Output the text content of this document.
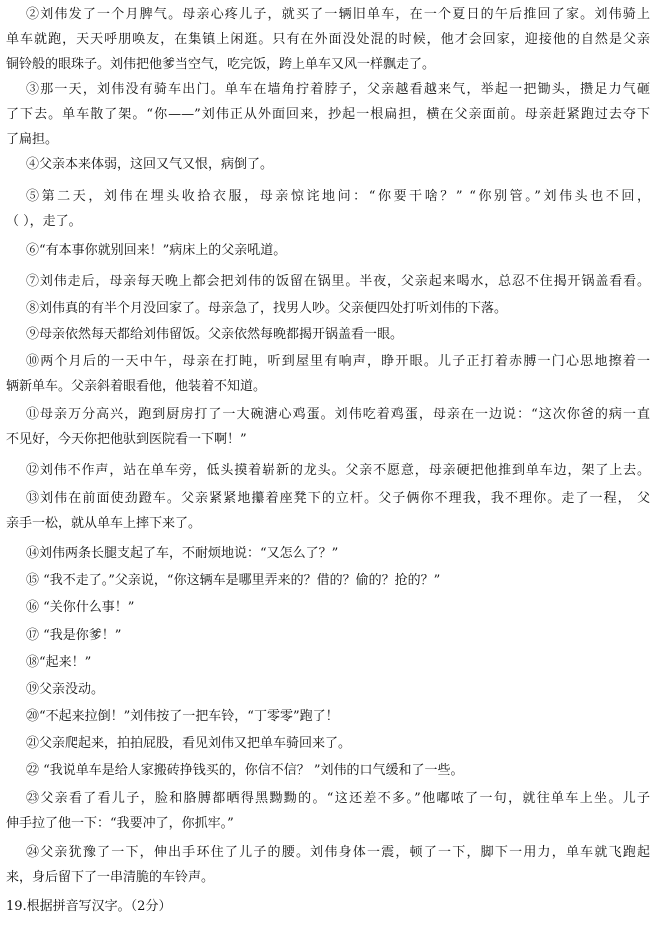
②刘伟发了一个月脾气。母亲心疼儿子，就买了一辆旧单车，在一个夏日的午后推回了家。刘伟骑上
单车就跑，天天呼朋唤友，在集镇上闲逛。只有在外面没处混的时候，他才会回家，迎接他的自然是父亲
铜铃般的眼珠子。刘伟把他爹当空气，吃完饭，跨上单车又风一样飘走了。
③那一天，刘伟没有骑车出门。单车在墙角拧着脖子，父亲越看越来气，举起一把锄头，攒足力气砸
了下去。单车散了架。“你——”刘伟正从外面回来，抄起一根扁担，横在父亲面前。母亲赶紧跑过去夺下
了扁担。
④父亲本来体弱，这回又气又恨，病倒了。
⑤第二天，刘伟在埋头收拾衣服，母亲惊诧地问：“你要干啥？” “你别管。”刘伟头也不回，
（ ），走了。
⑥“有本事你就别回来！”病床上的父亲吼道。
⑦刘伟走后，母亲每天晚上都会把刘伟的饭留在锅里。半夜，父亲起来喝水，总忍不住揭开锅盖看看。
⑧刘伟真的有半个月没回家了。母亲急了，找男人吵。父亲便四处打听刘伟的下落。
⑨母亲依然每天都给刘伟留饭。父亲依然每晚都揭开锅盖看一眼。
⑩两个月后的一天中午，母亲在打盹，听到屋里有响声，睁开眼。儿子正打着赤膊一门心思地擦着一
辆新单车。父亲斜着眼看他，他装着不知道。
⑪母亲万分高兴，跑到厨房打了一大碗溏心鸡蛋。刘伟吃着鸡蛋，母亲在一边说：“这次你爸的病一直
不见好，今天你把他驮到医院看一下啊！”
⑫刘伟不作声，站在单车旁，低头摸着崭新的龙头。父亲不愿意，母亲硬把他推到单车边，架了上去。
⑬刘伟在前面使劲蹬车。父亲紧紧地攥着座凳下的立杆。父子俩你不理我，我不理你。走了一程， 父
亲手一松，就从单车上摔下来了。
⑭刘伟两条长腿支起了车，不耐烦地说：“又怎么了？”
⑮ “我不走了。”父亲说，“你这辆车是哪里弄来的？借的？偷的？抢的？”
⑯ “关你什么事！”
⑰ “我是你爹！”
⑱“起来！”
⑲父亲没动。
⑳“不起来拉倒！”刘伟按了一把车铃，“丁零零”跑了！
㉑父亲爬起来，拍拍屁股，看见刘伟又把单车骑回来了。
㉒ “我说单车是给人家搬砖挣钱买的，你信不信？ ”刘伟的口气缓和了一些。
㉓父亲看了看儿子，脸和胳膊都晒得黑黝黝的。“这还差不多。”他嘟哝了一句，就往单车上坐。儿子
伸手拉了他一下：“我要冲了，你抓牢。”
㉔父亲犹豫了一下，伸出手环住了儿子的腰。刘伟身体一震，顿了一下，脚下一用力，单车就飞跑起
来，身后留下了一串清脆的车铃声。
19.根据拼音写汉字。（2分）
